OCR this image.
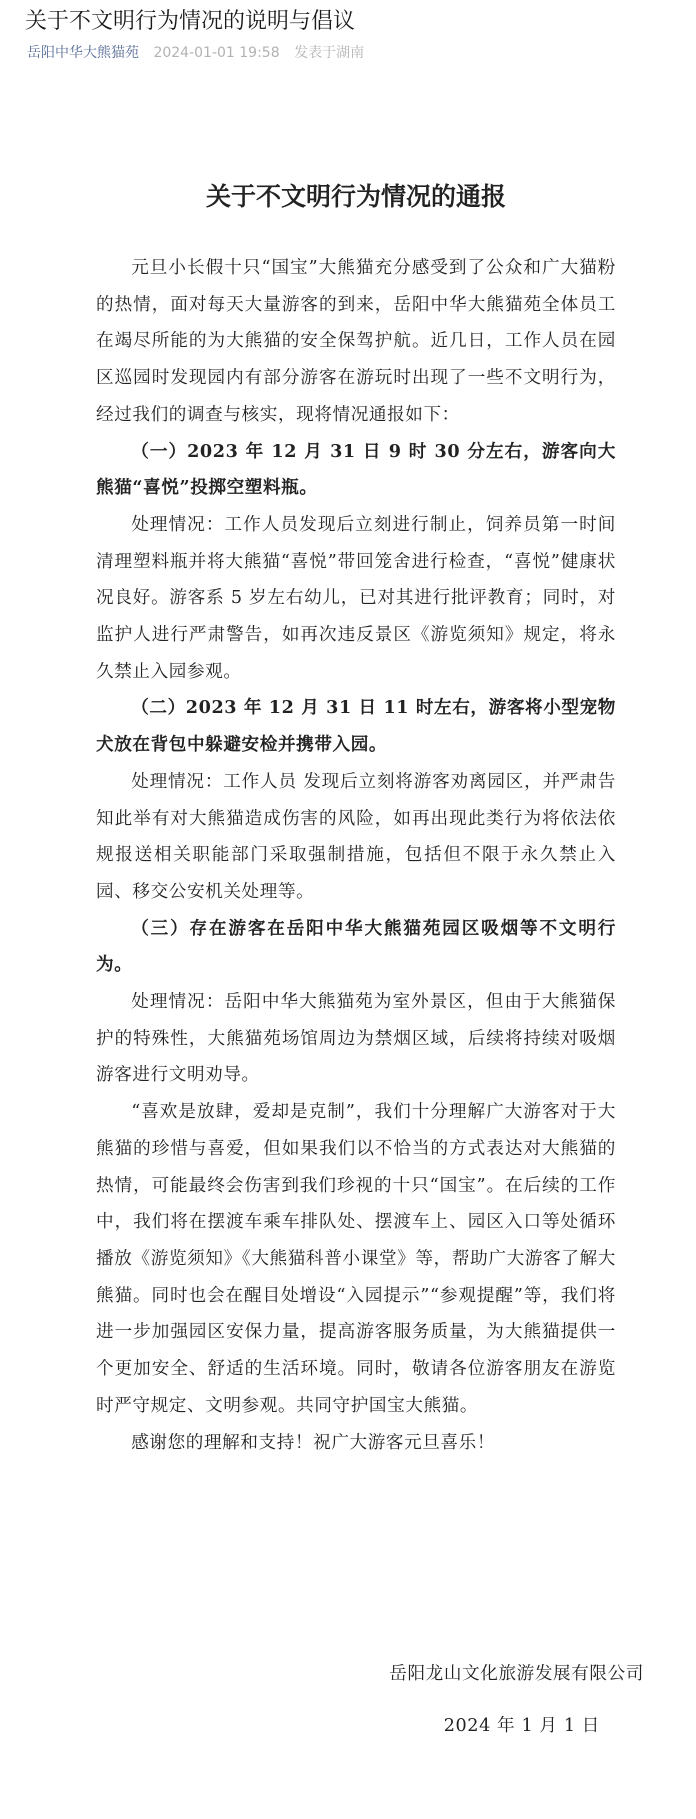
关于不文明行为情况的说明与倡议
岳阳中华大熊猫苑 2024-01-01 19:58 发表于湖南
关于不文明行为情况的通报

元旦小长假十只“国宝”大熊猫充分感受到了公众和广大猫粉的热情，面对每天大量游客的到来，岳阳中华大熊猫苑全体员工在竭尽所能的为大熊猫的安全保驾护航。近几日，工作人员在园区巡园时发现园内有部分游客在游玩时出现了一些不文明行为，经过我们的调查与核实，现将情况通报如下：

（一）2023 年 12 月 31 日 9 时 30 分左右，游客向大熊猫“喜悦”投掷空塑料瓶。

处理情况：工作人员发现后立刻进行制止，饲养员第一时间清理塑料瓶并将大熊猫“喜悦”带回笼舍进行检查，“喜悦”健康状况良好。游客系 5 岁左右幼儿，已对其进行批评教育；同时，对监护人进行严肃警告，如再次违反景区《游览须知》规定，将永久禁止入园参观。

（二）2023 年 12 月 31 日 11 时左右，游客将小型宠物犬放在背包中躲避安检并携带入园。

处理情况：工作人员 发现后立刻将游客劝离园区，并严肃告知此举有对大熊猫造成伤害的风险，如再出现此类行为将依法依规报送相关职能部门采取强制措施，包括但不限于永久禁止入园、移交公安机关处理等。

（三）存在游客在岳阳中华大熊猫苑园区吸烟等不文明行为。

处理情况：岳阳中华大熊猫苑为室外景区，但由于大熊猫保护的特殊性，大熊猫苑场馆周边为禁烟区域，后续将持续对吸烟游客进行文明劝导。

“喜欢是放肆，爱却是克制”，我们十分理解广大游客对于大熊猫的珍惜与喜爱，但如果我们以不恰当的方式表达对大熊猫的热情，可能最终会伤害到我们珍视的十只“国宝”。在后续的工作中，我们将在摆渡车乘车排队处、摆渡车上、园区入口等处循环播放《游览须知》《大熊猫科普小课堂》等，帮助广大游客了解大熊猫。同时也会在醒目处增设“入园提示”“参观提醒”等，我们将进一步加强园区安保力量，提高游客服务质量，为大熊猫提供一个更加安全、舒适的生活环境。同时，敬请各位游客朋友在游览时严守规定、文明参观。共同守护国宝大熊猫。

感谢您的理解和支持！祝广大游客元旦喜乐！

岳阳龙山文化旅游发展有限公司
2024 年 1 月 1 日
